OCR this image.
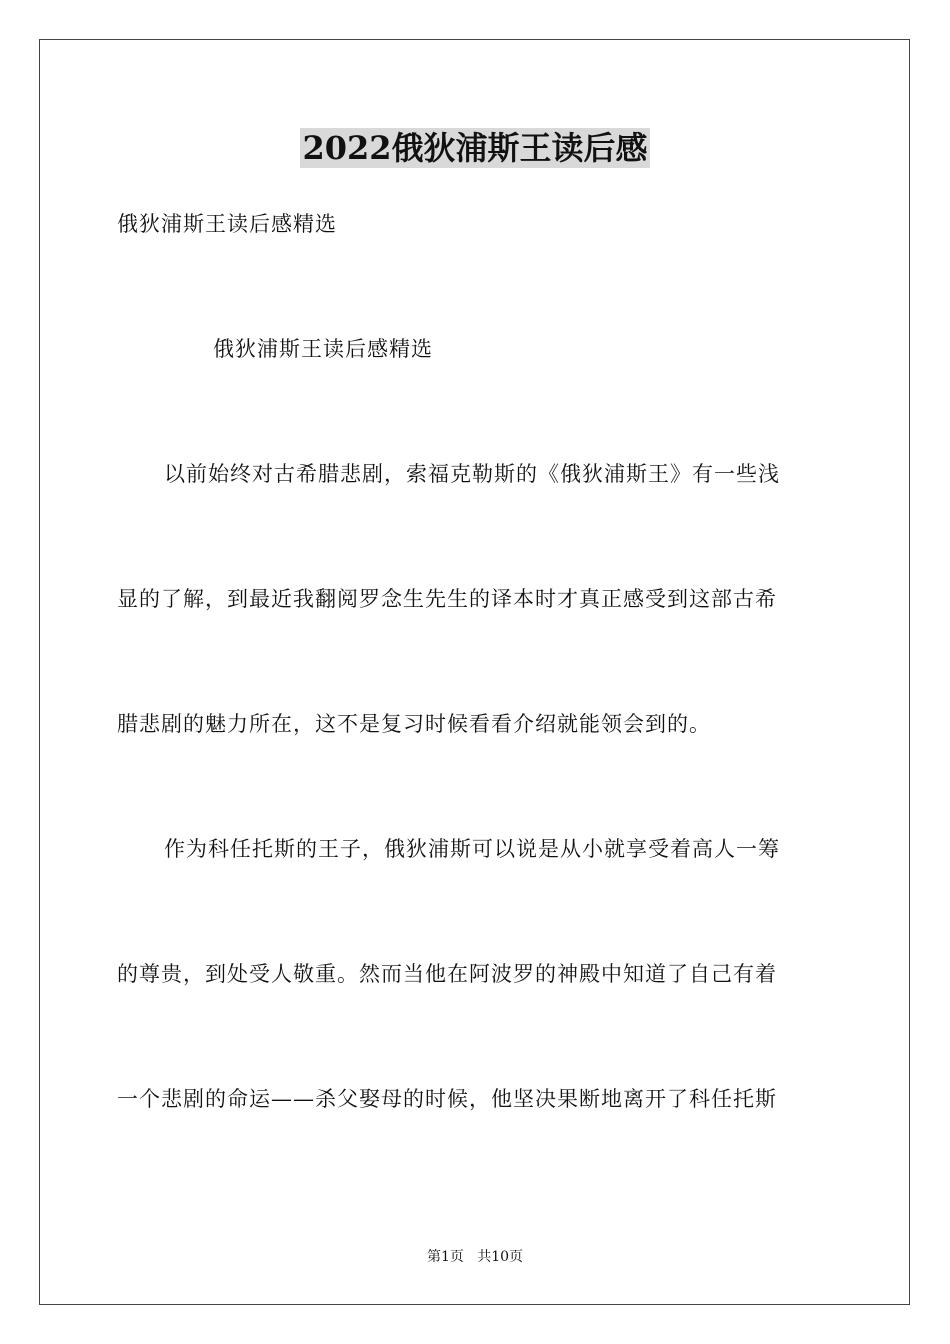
2022俄狄浦斯王读后感
俄狄浦斯王读后感精选
俄狄浦斯王读后感精选
以前始终对古希腊悲剧，索福克勒斯的《俄狄浦斯王》有一些浅
显的了解，到最近我翻阅罗念生先生的译本时才真正感受到这部古希
腊悲剧的魅力所在，这不是复习时候看看介绍就能领会到的。
作为科任托斯的王子，俄狄浦斯可以说是从小就享受着高人一筹
的尊贵，到处受人敬重。然而当他在阿波罗的神殿中知道了自己有着
一个悲剧的命运——杀父娶母的时候，他坚决果断地离开了科任托斯
第1页   共10页
